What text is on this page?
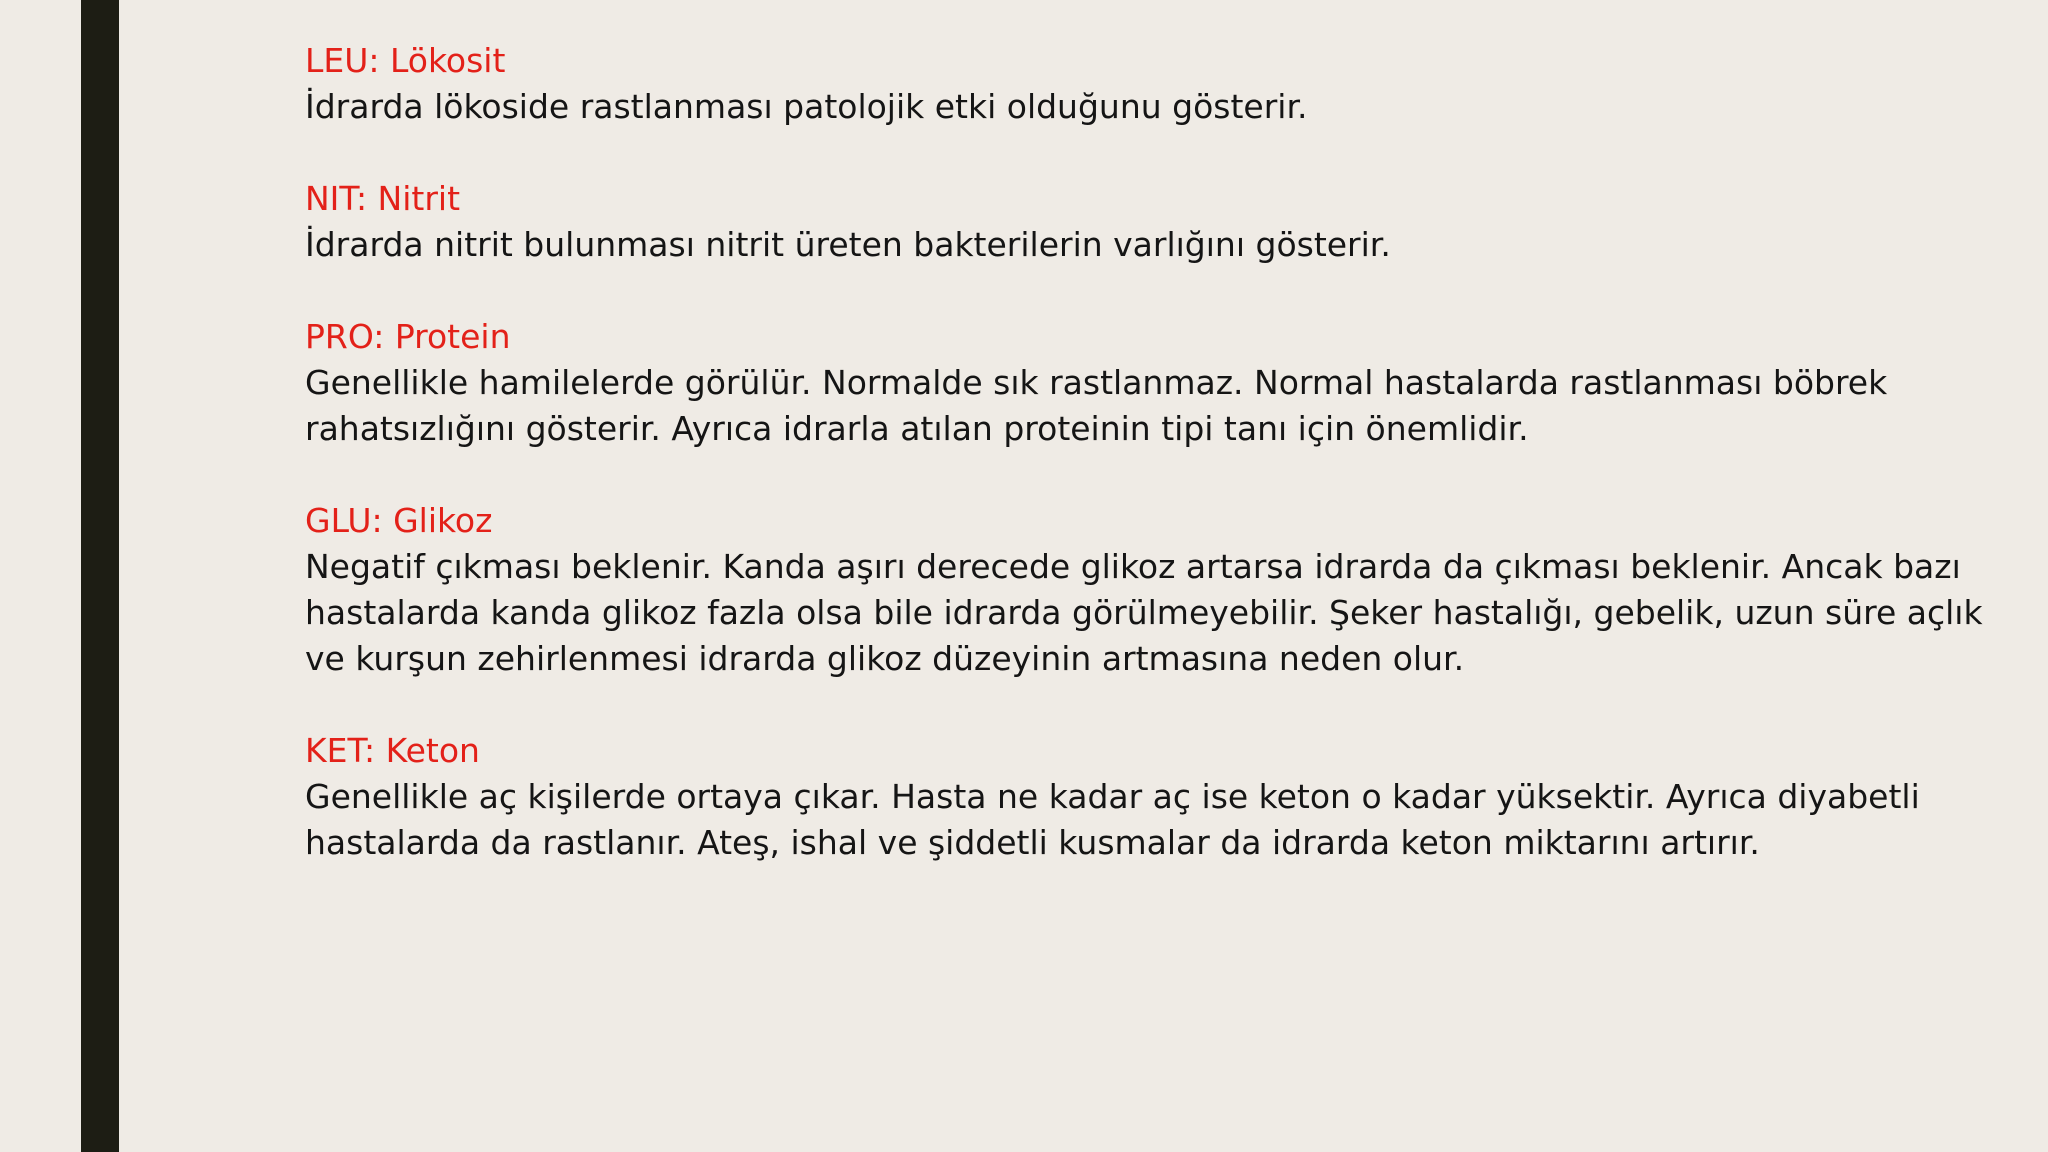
LEU: Lökosit
İdrarda lökoside rastlanması patolojik etki olduğunu gösterir.
NIT: Nitrit
İdrarda nitrit bulunması nitrit üreten bakterilerin varlığını gösterir.
PRO: Protein
Genellikle hamilelerde görülür. Normalde sık rastlanmaz. Normal hastalarda rastlanması böbrek
rahatsızlığını gösterir. Ayrıca idrarla atılan proteinin tipi tanı için önemlidir.
GLU: Glikoz
Negatif çıkması beklenir. Kanda aşırı derecede glikoz artarsa idrarda da çıkması beklenir. Ancak bazı
hastalarda kanda glikoz fazla olsa bile idrarda görülmeyebilir. Şeker hastalığı, gebelik, uzun süre açlık
ve kurşun zehirlenmesi idrarda glikoz düzeyinin artmasına neden olur.
KET: Keton
Genellikle aç kişilerde ortaya çıkar. Hasta ne kadar aç ise keton o kadar yüksektir. Ayrıca diyabetli
hastalarda da rastlanır. Ateş, ishal ve şiddetli kusmalar da idrarda keton miktarını artırır.
